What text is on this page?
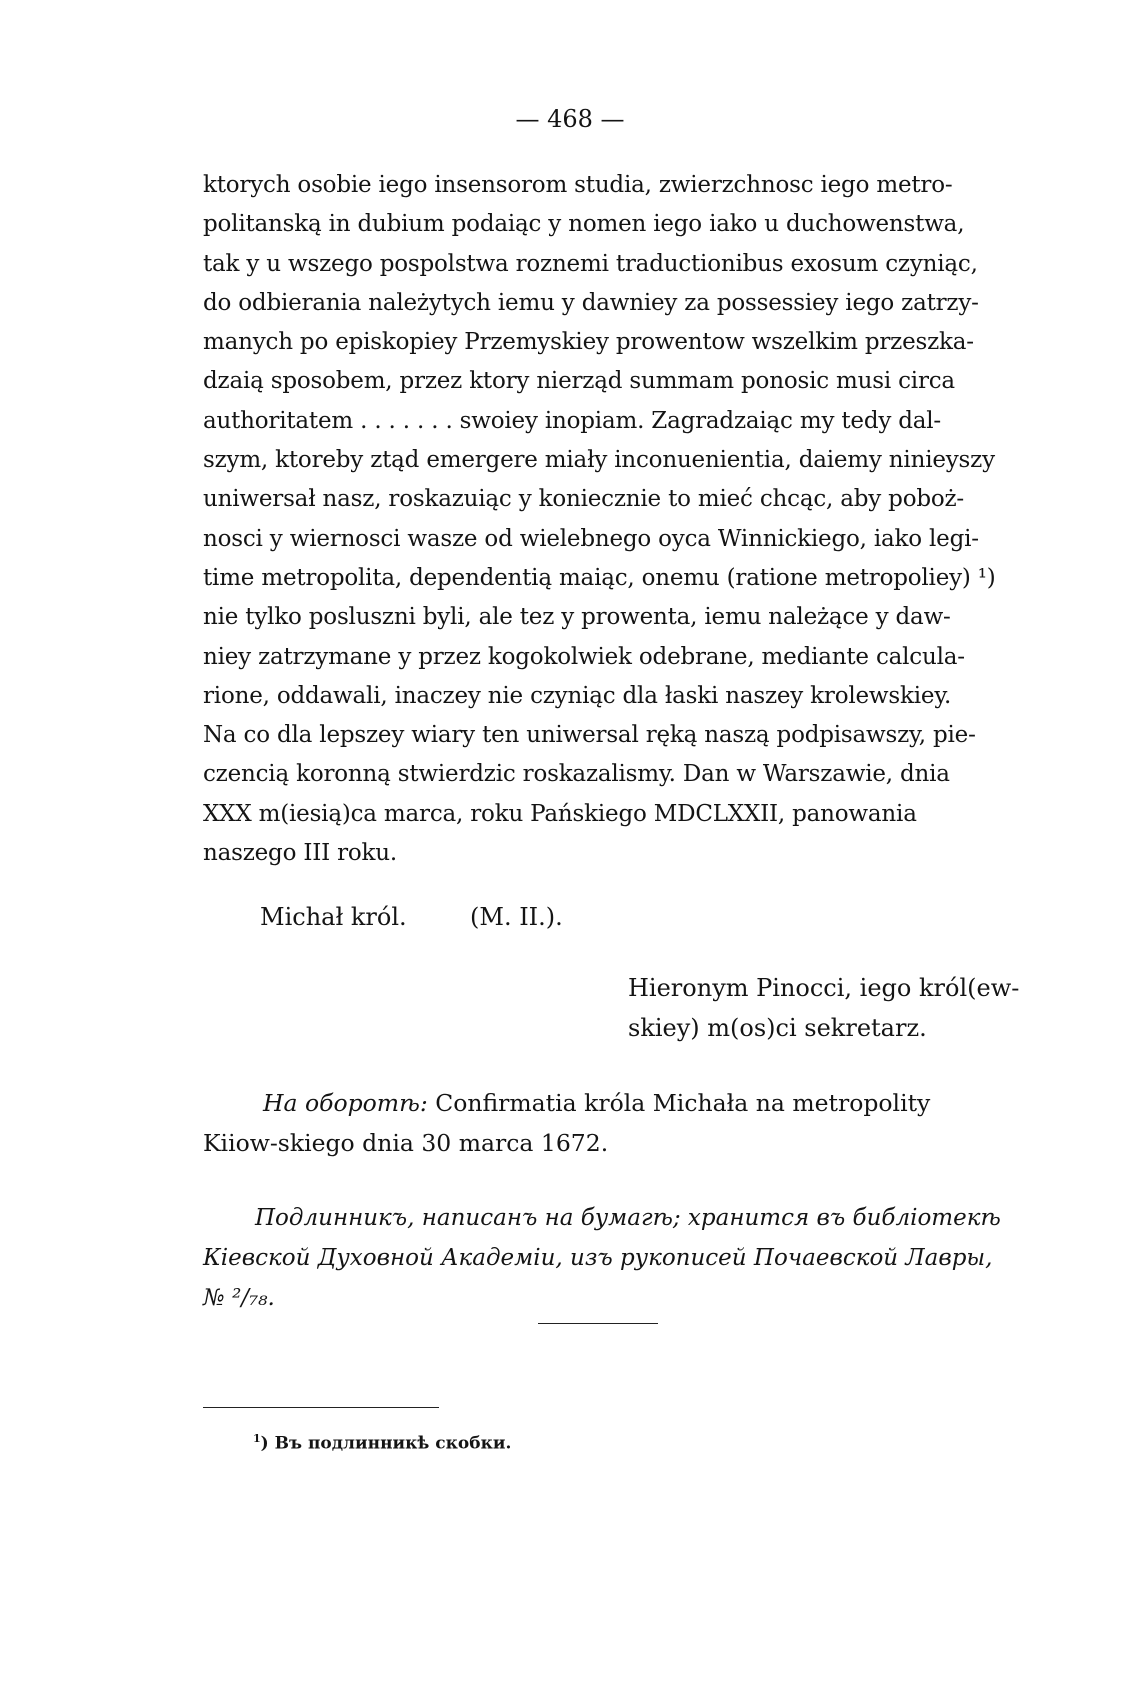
— 468 —

ktorych osobie iego insensorom studia, zwierzchnosc iego metro-
politanską in dubium podaiąc y nomen iego iako u duchowenstwa,
tak y u wszego pospolstwa roznemi traductionibus exosum czyniąc,
do odbierania należytych iemu y dawniey za possessiey iego zatrzy-
manych po episkopiey Przemyskiey prowentow wszelkim przeszka-
dzaią sposobem, przez ktory nierząd summam ponosic musi circa
authoritatem . . . . . . . swoiey inopiam. Zagradzaiąc my tedy dal-
szym, ktoreby ztąd emergere miały inconuenientia, daiemy ninieyszy
uniwersał nasz, roskazuiąc y koniecznie to mieć chcąc, aby poboż-
nosci y wiernosci wasze od wielebnego oyca Winnickiego, iako legi-
time metropolita, dependentią maiąc, onemu (ratione metropoliey) ¹)
nie tylko posluszni byli, ale tez y prowenta, iemu należące y daw-
niey zatrzymane y przez kogokolwiek odebrane, mediante calcula-
rione, oddawali, inaczey nie czyniąc dla łaski naszey krolewskiey.
Na co dla lepszey wiary ten uniwersal ręką naszą podpisawszy, pie-
czencią koronną stwierdzic roskazalismy. Dan w Warszawie, dnia
XXX m(iesią)ca marca, roku Pańskiego MDCLXXII, panowania
naszego III roku.

Michał król.	(M. II.).
Hieronym Pinocci, iego król(ew-
skiey) m(os)ci sekretarz.

На оборотѣ: Confirmatia króla Michała na metropolity Kiiow-skiego dnia 30 marca 1672.

Подлинникъ, написанъ на бумагѣ; хранится въ библіотекѣ Кіевской Духовной Академіи, изъ рукописей Почаевской Лавры, № ²/₇₈.

$^1$) Въ подлинникѣ скобки.
